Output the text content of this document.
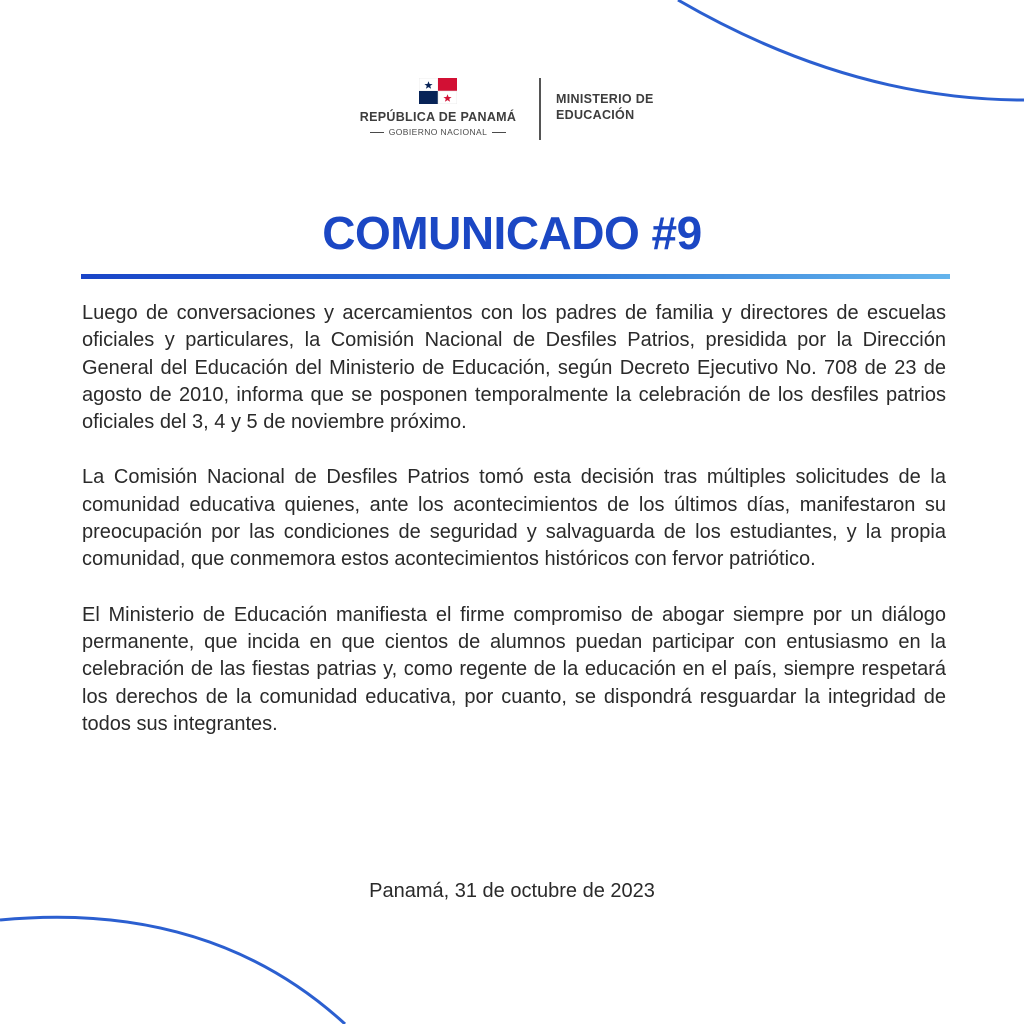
REPÚBLICA DE PANAMÁ
GOBIERNO NACIONAL
MINISTERIO DE
EDUCACIÓN
COMUNICADO #9

Luego de conversaciones y acercamientos con los padres de familia y directores de escuelas oficiales y particulares, la Comisión Nacional de Desfiles Patrios, presidida por la Dirección General del Educación del Ministerio de Educación, según Decreto Ejecutivo No. 708 de 23 de agosto de 2010, informa que se posponen temporalmente la celebración de los desfiles patrios oficiales del 3, 4 y 5 de noviembre próximo.

La Comisión Nacional de Desfiles Patrios tomó esta decisión tras múltiples solicitudes de la comunidad educativa quienes, ante los acontecimientos de los últimos días, manifestaron su preocupación por las condiciones de seguridad y salvaguarda de los estudiantes, y la propia comunidad, que conmemora estos acontecimientos históricos con fervor patriótico.

El Ministerio de Educación manifiesta el firme compromiso de abogar siempre por un diálogo permanente, que incida en que cientos de alumnos puedan participar con entusiasmo en la celebración de las fiestas patrias y, como regente de la educación en el país, siempre respetará los derechos de la comunidad educativa, por cuanto, se dispondrá resguardar la integridad de todos sus integrantes.

Panamá, 31 de octubre de 2023
